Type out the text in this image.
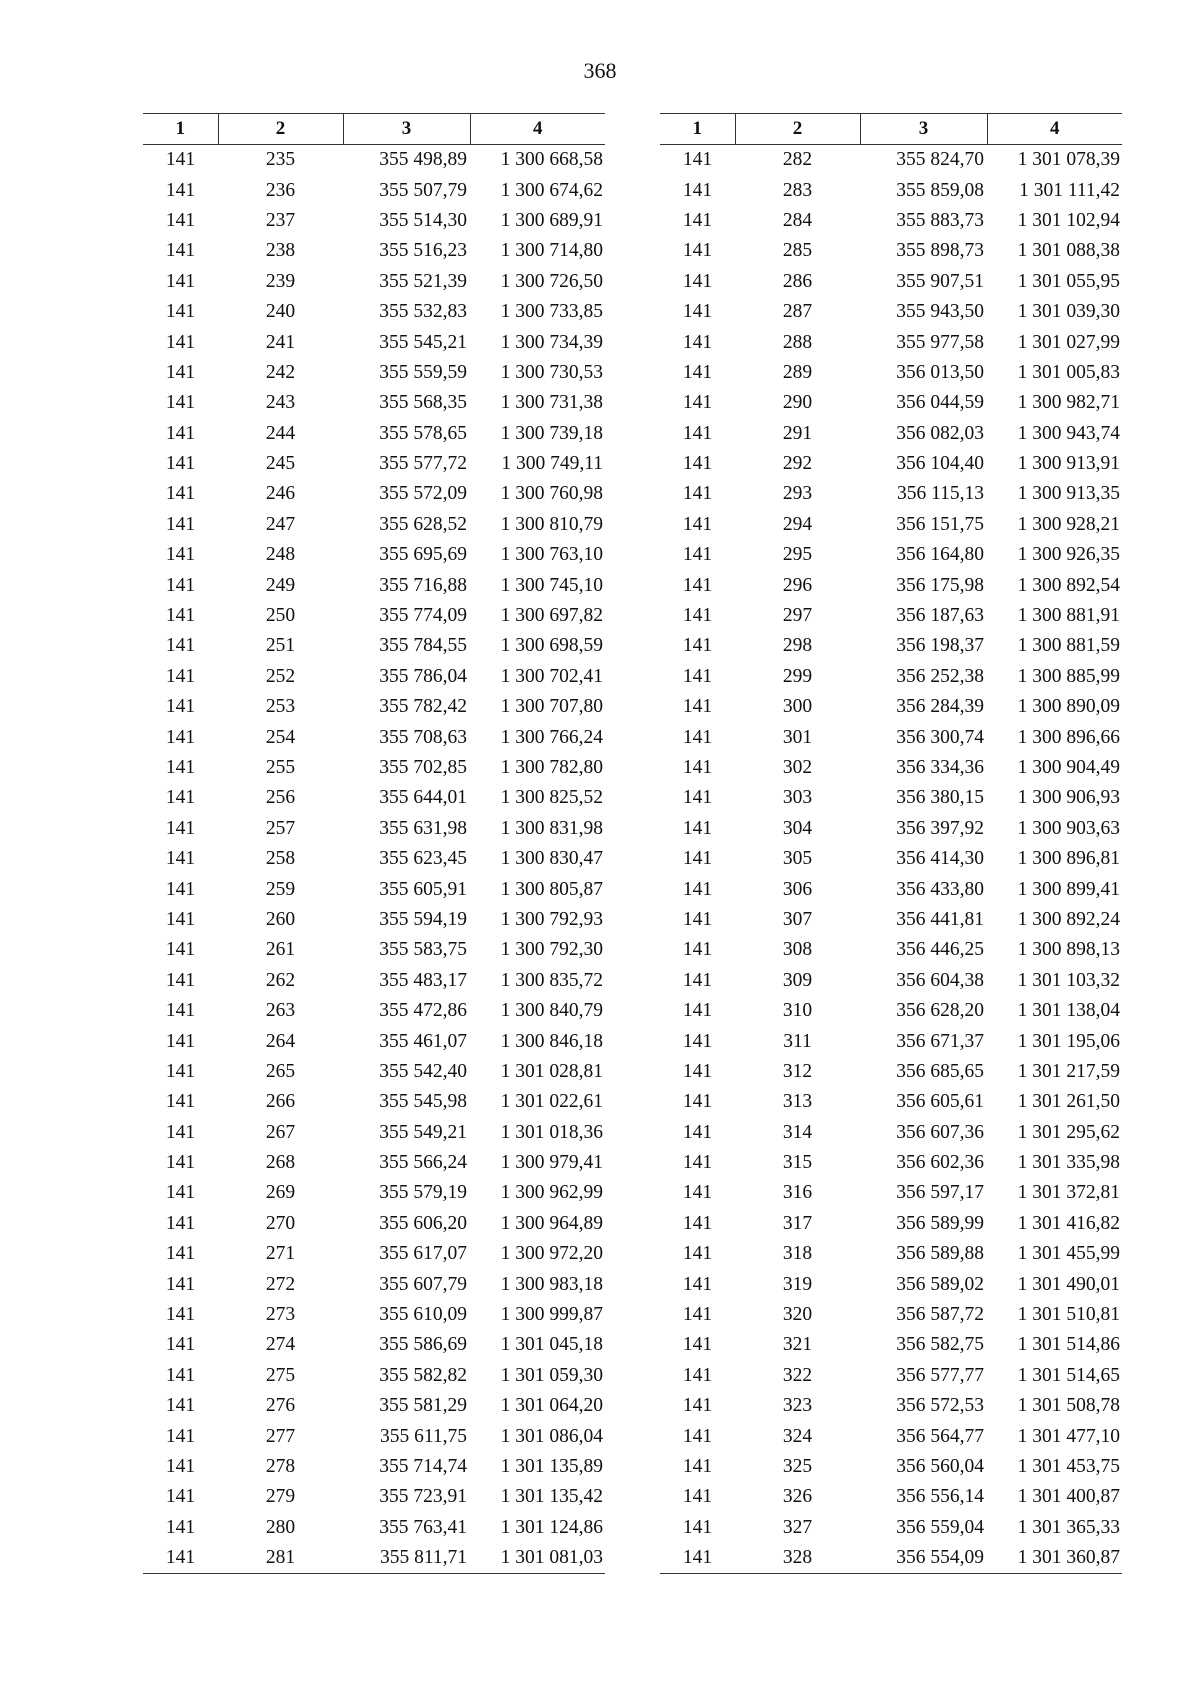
368
1	2	3	4
141	235	355 498,89	1 300 668,58
141	236	355 507,79	1 300 674,62
141	237	355 514,30	1 300 689,91
141	238	355 516,23	1 300 714,80
141	239	355 521,39	1 300 726,50
141	240	355 532,83	1 300 733,85
141	241	355 545,21	1 300 734,39
141	242	355 559,59	1 300 730,53
141	243	355 568,35	1 300 731,38
141	244	355 578,65	1 300 739,18
141	245	355 577,72	1 300 749,11
141	246	355 572,09	1 300 760,98
141	247	355 628,52	1 300 810,79
141	248	355 695,69	1 300 763,10
141	249	355 716,88	1 300 745,10
141	250	355 774,09	1 300 697,82
141	251	355 784,55	1 300 698,59
141	252	355 786,04	1 300 702,41
141	253	355 782,42	1 300 707,80
141	254	355 708,63	1 300 766,24
141	255	355 702,85	1 300 782,80
141	256	355 644,01	1 300 825,52
141	257	355 631,98	1 300 831,98
141	258	355 623,45	1 300 830,47
141	259	355 605,91	1 300 805,87
141	260	355 594,19	1 300 792,93
141	261	355 583,75	1 300 792,30
141	262	355 483,17	1 300 835,72
141	263	355 472,86	1 300 840,79
141	264	355 461,07	1 300 846,18
141	265	355 542,40	1 301 028,81
141	266	355 545,98	1 301 022,61
141	267	355 549,21	1 301 018,36
141	268	355 566,24	1 300 979,41
141	269	355 579,19	1 300 962,99
141	270	355 606,20	1 300 964,89
141	271	355 617,07	1 300 972,20
141	272	355 607,79	1 300 983,18
141	273	355 610,09	1 300 999,87
141	274	355 586,69	1 301 045,18
141	275	355 582,82	1 301 059,30
141	276	355 581,29	1 301 064,20
141	277	355 611,75	1 301 086,04
141	278	355 714,74	1 301 135,89
141	279	355 723,91	1 301 135,42
141	280	355 763,41	1 301 124,86
141	281	355 811,71	1 301 081,03
1	2	3	4
141	282	355 824,70	1 301 078,39
141	283	355 859,08	1 301 111,42
141	284	355 883,73	1 301 102,94
141	285	355 898,73	1 301 088,38
141	286	355 907,51	1 301 055,95
141	287	355 943,50	1 301 039,30
141	288	355 977,58	1 301 027,99
141	289	356 013,50	1 301 005,83
141	290	356 044,59	1 300 982,71
141	291	356 082,03	1 300 943,74
141	292	356 104,40	1 300 913,91
141	293	356 115,13	1 300 913,35
141	294	356 151,75	1 300 928,21
141	295	356 164,80	1 300 926,35
141	296	356 175,98	1 300 892,54
141	297	356 187,63	1 300 881,91
141	298	356 198,37	1 300 881,59
141	299	356 252,38	1 300 885,99
141	300	356 284,39	1 300 890,09
141	301	356 300,74	1 300 896,66
141	302	356 334,36	1 300 904,49
141	303	356 380,15	1 300 906,93
141	304	356 397,92	1 300 903,63
141	305	356 414,30	1 300 896,81
141	306	356 433,80	1 300 899,41
141	307	356 441,81	1 300 892,24
141	308	356 446,25	1 300 898,13
141	309	356 604,38	1 301 103,32
141	310	356 628,20	1 301 138,04
141	311	356 671,37	1 301 195,06
141	312	356 685,65	1 301 217,59
141	313	356 605,61	1 301 261,50
141	314	356 607,36	1 301 295,62
141	315	356 602,36	1 301 335,98
141	316	356 597,17	1 301 372,81
141	317	356 589,99	1 301 416,82
141	318	356 589,88	1 301 455,99
141	319	356 589,02	1 301 490,01
141	320	356 587,72	1 301 510,81
141	321	356 582,75	1 301 514,86
141	322	356 577,77	1 301 514,65
141	323	356 572,53	1 301 508,78
141	324	356 564,77	1 301 477,10
141	325	356 560,04	1 301 453,75
141	326	356 556,14	1 301 400,87
141	327	356 559,04	1 301 365,33
141	328	356 554,09	1 301 360,87
